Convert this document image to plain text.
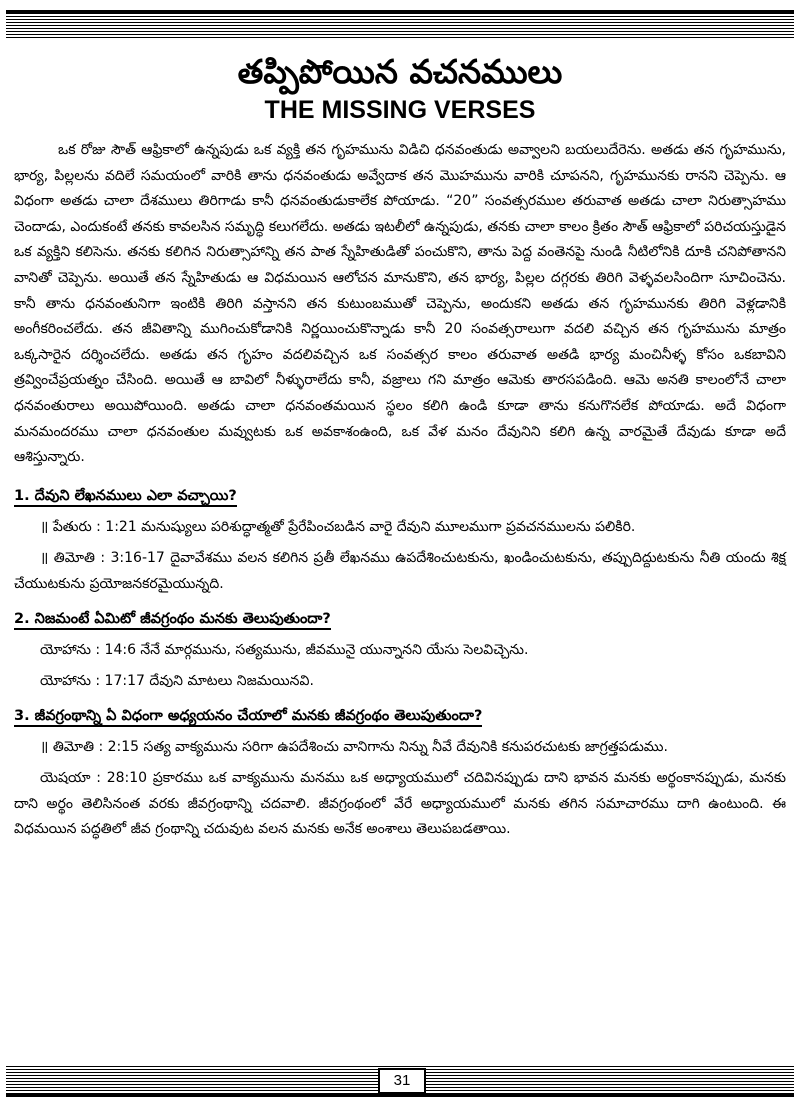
తప్పిపోయిన వచనములు
THE MISSING VERSES

ఒక రోజు సౌత్ ఆఫ్రికాలో ఉన్నపుడు ఒక వ్యక్తి తన గృహమును విడిచి ధనవంతుడు అవ్వాలని బయలుదేరెను. అతడు తన గృహమును, భార్య, పిల్లలను వదిలే సమయంలో వారికి తాను ధనవంతుడు అవ్వేదాక తన మొహమును వారికి చూపనని, గృహమునకు రానని చెప్పెను. ఆ విధంగా అతడు చాలా దేశములు తిరిగాడు కానీ ధనవంతుడుకాలేక పోయాడు. “20” సంవత్సరముల తరువాత అతడు చాలా నిరుత్సాహము చెందాడు, ఎందుకంటే తనకు కావలసిన సమృద్ధి కలుగలేదు. అతడు ఇటలీలో ఉన్నపుడు, తనకు చాలా కాలం క్రితం సౌత్ ఆఫ్రికాలో పరిచయస్తుడైన ఒక వ్యక్తిని కలిసెను. తనకు కలిగిన నిరుత్సాహాన్ని తన పాత స్నేహితుడితో పంచుకొని, తాను పెద్ద వంతెనపై నుండి నీటిలోనికి దూకి చనిపోతానని వానితో చెప్పెను. అయితే తన స్నేహితుడు ఆ విధమయిన ఆలోచన మానుకొని, తన భార్య, పిల్లల దగ్గరకు తిరిగి వెళ్ళవలసిందిగా సూచించెను. కానీ తాను ధనవంతునిగా ఇంటికి తిరిగి వస్తానని తన కుటుంబముతో చెప్పెను, అందుకని అతడు తన గృహమునకు తిరిగి వెళ్లడానికి అంగీకరించలేదు. తన జీవితాన్ని ముగించుకోడానికి నిర్ణయించుకొన్నాడు కానీ 20 సంవత్సరాలుగా వదలి వచ్చిన తన గృహమును మాత్రం ఒక్కసారైన దర్శించలేదు. అతడు తన గృహం వదలివచ్చిన ఒక సంవత్సర కాలం తరువాత అతడి భార్య మంచినీళ్ళ కోసం ఒకబావిని త్రవ్వించేప్రయత్నం చేసింది. అయితే ఆ బావిలో నీళ్ళురాలేదు కానీ, వజ్రాలు గని మాత్రం ఆమెకు తారసపడింది. ఆమె అనతి కాలంలోనే చాలా ధనవంతురాలు అయిపోయింది. అతడు చాలా ధనవంతమయిన స్థలం కలిగి ఉండి కూడా తాను కనుగొనలేక పోయాడు. అదే విధంగా మనమందరము చాలా ధనవంతుల మవ్వుటకు ఒక అవకాశంఉంది, ఒక వేళ మనం దేవునిని కలిగి ఉన్న వారమైతే దేవుడు కూడా అదే ఆశిస్తున్నారు.

1. దేవుని లేఖనములు ఎలా వచ్చాయి?

॥ పేతురు : 1:21 మనుష్యులు పరిశుద్ధాత్మతో ప్రేరేపించబడిన వారై దేవుని మూలముగా ప్రవచనములను పలికిరి.

॥ తిమోతి : 3:16-17 దైవావేశము వలన కలిగిన ప్రతీ లేఖనము ఉపదేశించుటకును, ఖండించుటకును, తప్పుదిద్దుటకును నీతి యందు శిక్ష చేయుటకును ప్రయోజనకరమైయున్నది.

2. నిజమంటే ఏమిటో జీవగ్రంథం మనకు తెలుపుతుందా?

యోహాను : 14:6 నేనే మార్గమును, సత్యమును, జీవమునై యున్నానని యేసు సెలవిచ్చెను.

యోహాను : 17:17 దేవుని మాటలు నిజమయినవి.

3. జీవగ్రంథాన్ని ఏ విధంగా అధ్యయనం చేయాలో మనకు జీవగ్రంథం తెలుపుతుందా?

॥ తిమోతి : 2:15 సత్య వాక్యమును సరిగా ఉపదేశించు వానిగాను నిన్ను నీవే దేవునికి కనుపరచుటకు జాగ్రత్తపడుము.

యెషయా : 28:10 ప్రకారము ఒక వాక్యమును మనము ఒక అధ్యాయములో చదివినప్పుడు దాని భావన మనకు అర్థంకానప్పుడు, మనకు దాని అర్థం తెలిసినంత వరకు జీవగ్రంథాన్ని చదవాలి. జీవగ్రంథంలో వేరే అధ్యాయములో మనకు తగిన సమాచారము దాగి ఉంటుంది. ఈ విధమయిన పద్ధతిలో జీవ గ్రంథాన్ని చదువుట వలన మనకు అనేక అంశాలు తెలుపబడతాయి.

31
